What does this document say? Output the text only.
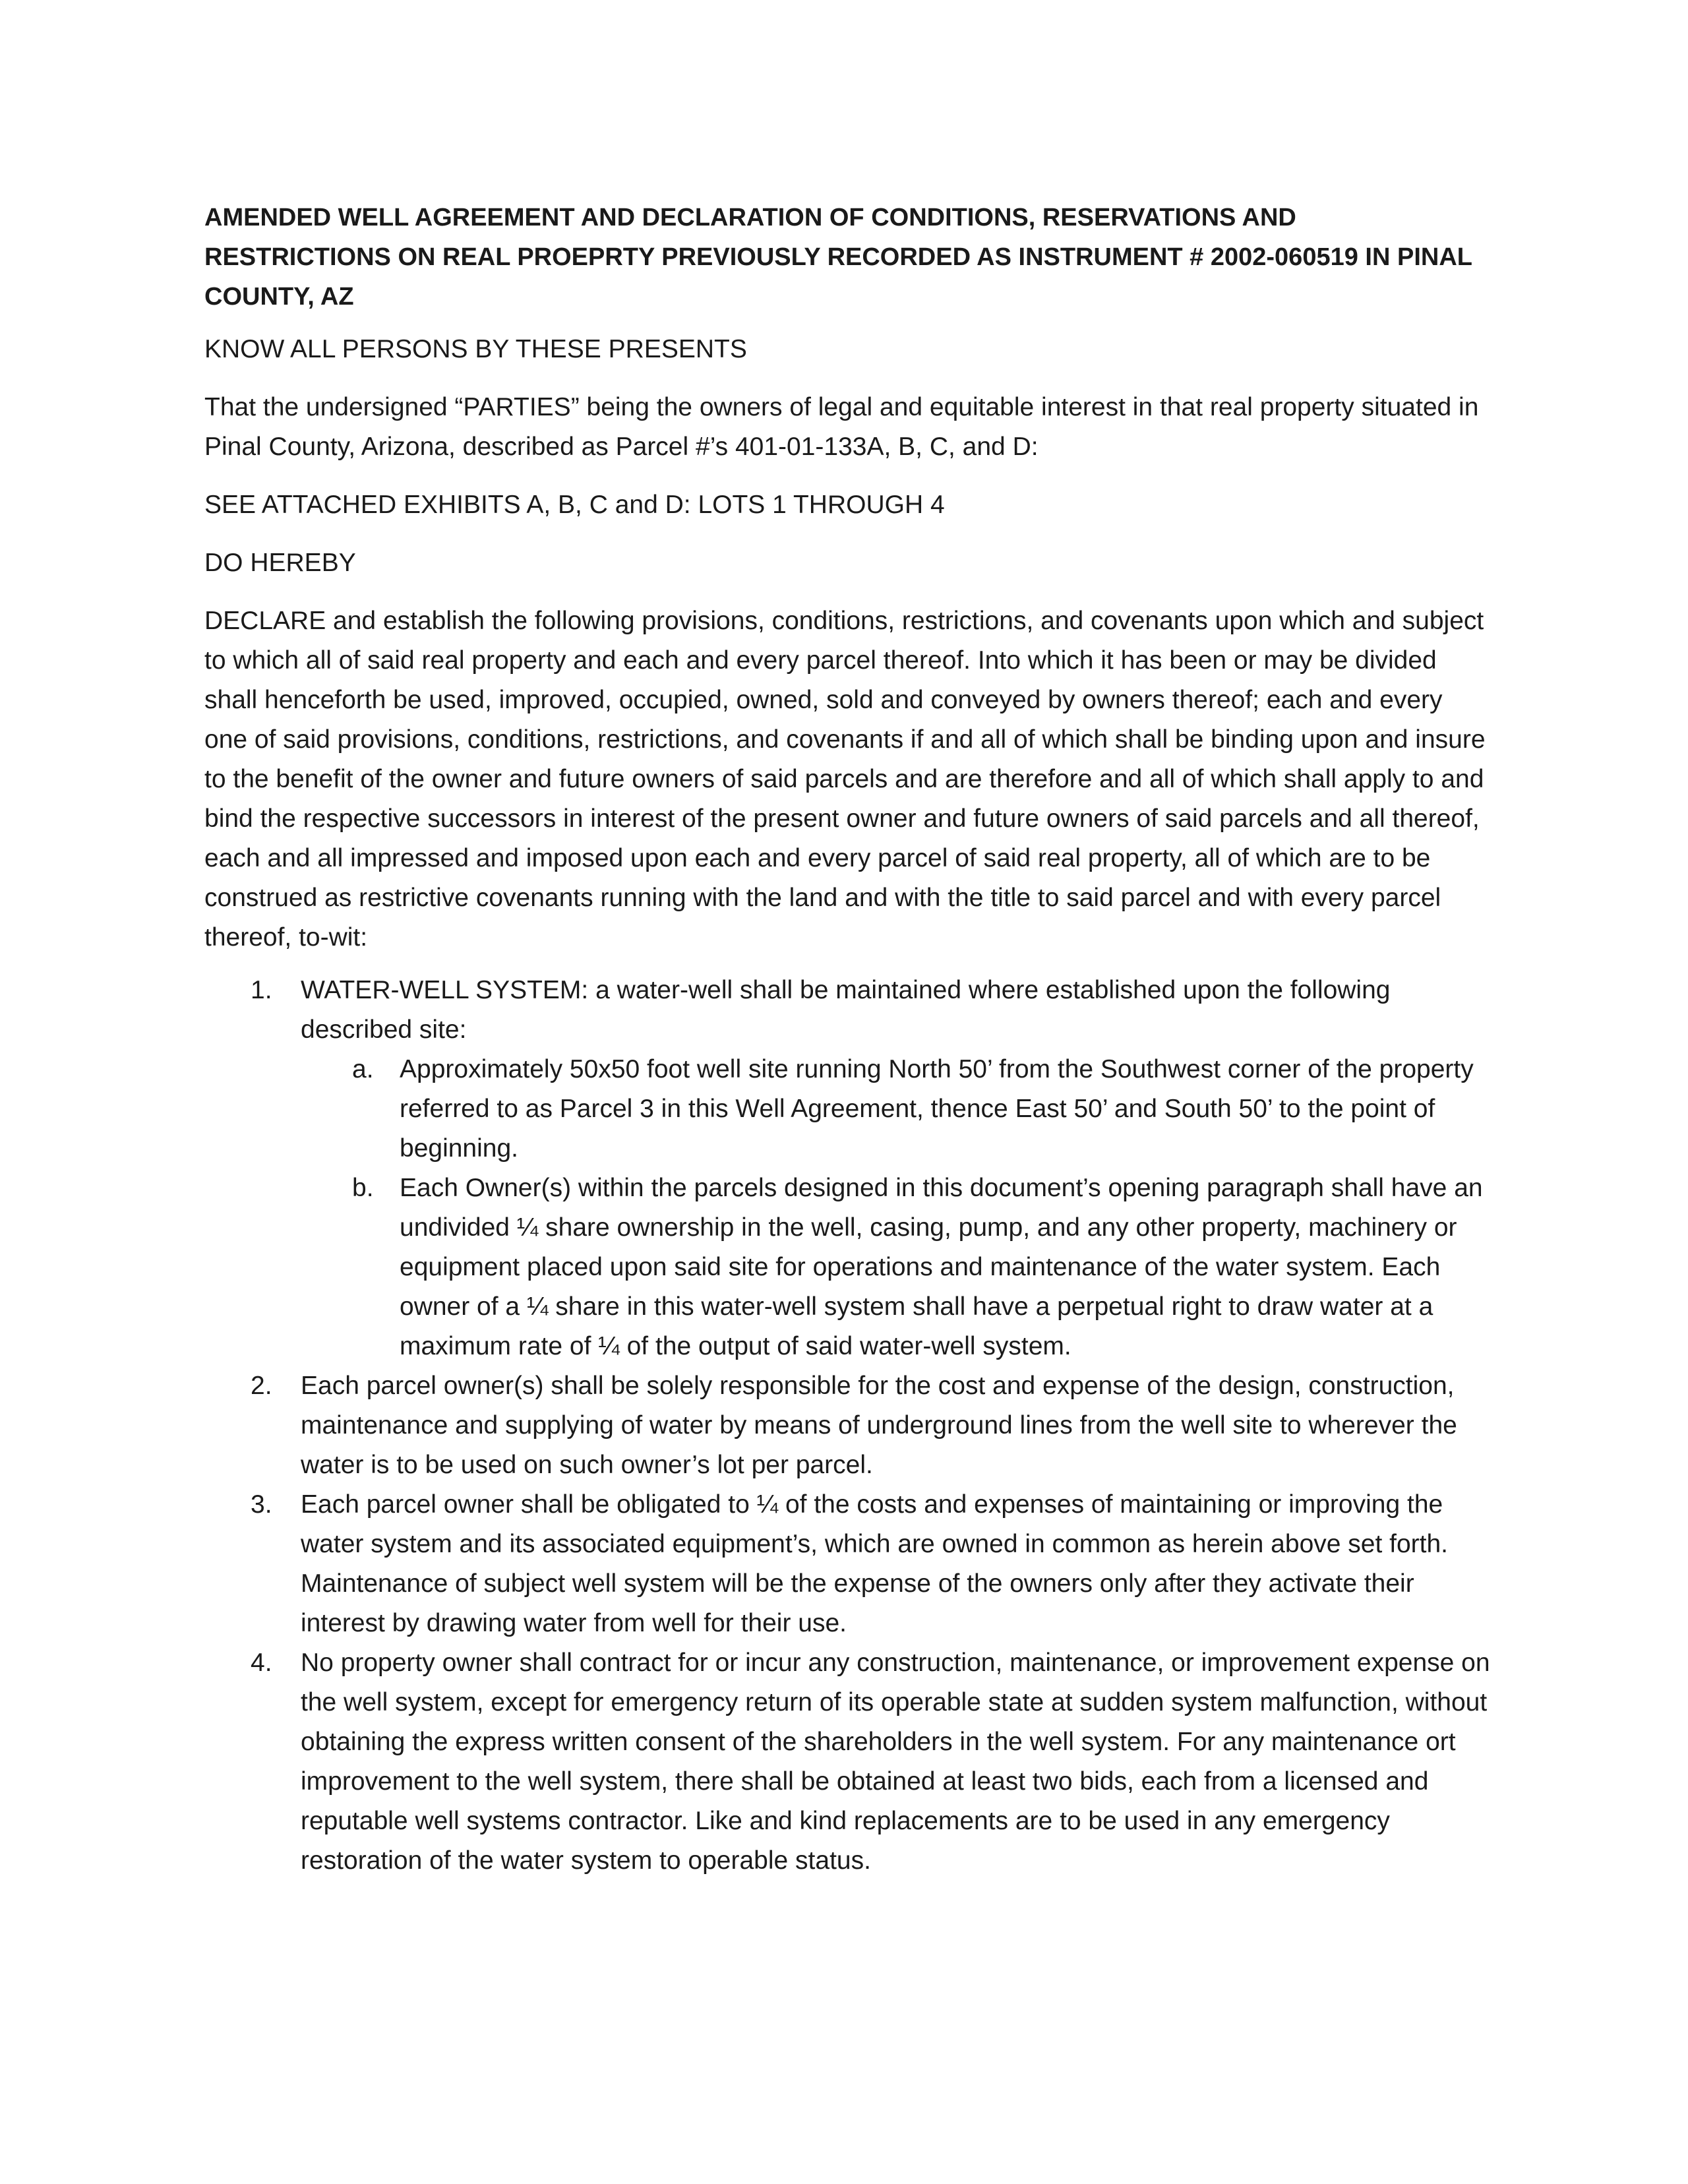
AMENDED WELL AGREEMENT AND DECLARATION OF CONDITIONS, RESERVATIONS AND RESTRICTIONS ON REAL PROEPRTY PREVIOUSLY RECORDED AS INSTRUMENT # 2002-060519 IN PINAL COUNTY, AZ

KNOW ALL PERSONS BY THESE PRESENTS

That the undersigned “PARTIES” being the owners of legal and equitable interest in that real property situated in Pinal County, Arizona, described as Parcel #’s 401-01-133A, B, C, and D:

SEE ATTACHED EXHIBITS A, B, C and D: LOTS 1 THROUGH 4

DO HEREBY

DECLARE and establish the following provisions, conditions, restrictions, and covenants upon which and subject to which all of said real property and each and every parcel thereof. Into which it has been or may be divided shall henceforth be used, improved, occupied, owned, sold and conveyed by owners thereof; each and every one of said provisions, conditions, restrictions, and covenants if and all of which shall be binding upon and insure to the benefit of the owner and future owners of said parcels and are therefore and all of which shall apply to and bind the respective successors in interest of the present owner and future owners of said parcels and all thereof, each and all impressed and imposed upon each and every parcel of said real property, all of which are to be construed as restrictive covenants running with the land and with the title to said parcel and with every parcel thereof, to-wit:

1. WATER-WELL SYSTEM: a water-well shall be maintained where established upon the following described site:
a. Approximately 50x50 foot well site running North 50’ from the Southwest corner of the property referred to as Parcel 3 in this Well Agreement, thence East 50’ and South 50’ to the point of beginning.
b. Each Owner(s) within the parcels designed in this document’s opening paragraph shall have an undivided ¼ share ownership in the well, casing, pump, and any other property, machinery or equipment placed upon said site for operations and maintenance of the water system. Each owner of a ¼ share in this water-well system shall have a perpetual right to draw water at a maximum rate of ¼ of the output of said water-well system.
2. Each parcel owner(s) shall be solely responsible for the cost and expense of the design, construction, maintenance and supplying of water by means of underground lines from the well site to wherever the water is to be used on such owner’s lot per parcel.
3. Each parcel owner shall be obligated to ¼ of the costs and expenses of maintaining or improving the water system and its associated equipment’s, which are owned in common as herein above set forth. Maintenance of subject well system will be the expense of the owners only after they activate their interest by drawing water from well for their use.
4. No property owner shall contract for or incur any construction, maintenance, or improvement expense on the well system, except for emergency return of its operable state at sudden system malfunction, without obtaining the express written consent of the shareholders in the well system. For any maintenance ort improvement to the well system, there shall be obtained at least two bids, each from a licensed and reputable well systems contractor. Like and kind replacements are to be used in any emergency restoration of the water system to operable status.
